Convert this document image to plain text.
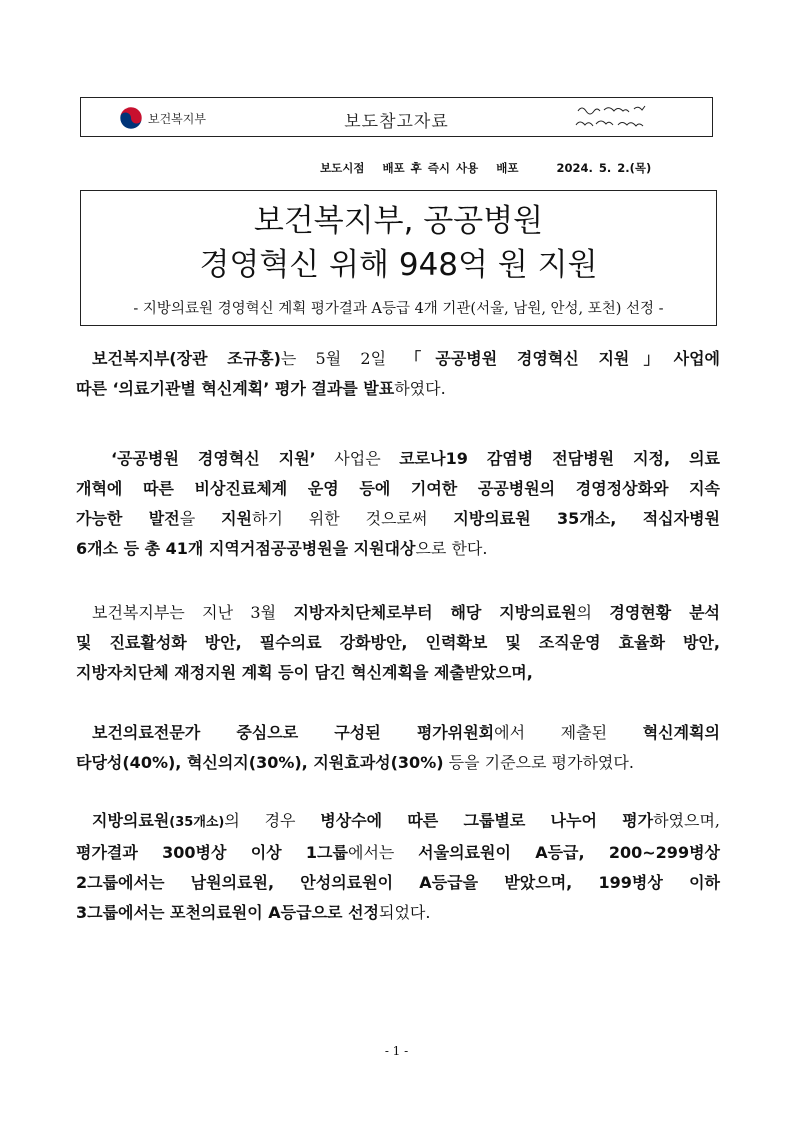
보건복지부	보도참고자료
보도시점 배포 후 즉시 사용 배포	2024. 5. 2.(목)
보건복지부, 공공병원
경영혁신 위해 948억 원 지원
- 지방의료원 경영혁신 계획 평가결과 A등급 4개 기관(서울, 남원, 안성, 포천) 선정 -

 보건복지부(장관 조규홍)는 5월 2일 「공공병원 경영혁신 지원」사업에

따른 ‘의료기관별 혁신계획’ 평가 결과를 발표하였다.

  ‘공공병원 경영혁신 지원’ 사업은 코로나19 감염병 전담병원 지정, 의료

개혁에 따른 비상진료체계 운영 등에 기여한 공공병원의 경영정상화와 지속

가능한 발전을 지원하기 위한 것으로써 지방의료원 35개소, 적십자병원

6개소 등 총 41개 지역거점공공병원을 지원대상으로 한다.

 보건복지부는 지난 3월 지방자치단체로부터 해당 지방의료원의 경영현황 분석

및 진료활성화 방안, 필수의료 강화방안, 인력확보 및 조직운영 효율화 방안,

지방자치단체 재정지원 계획 등이 담긴 혁신계획을 제출받았으며,

 보건의료전문가 중심으로 구성된 평가위원회에서 제출된 혁신계획의

타당성(40%), 혁신의지(30%), 지원효과성(30%) 등을 기준으로 평가하였다.

 지방의료원(35개소)의 경우 병상수에 따른 그룹별로 나누어 평가하였으며,

평가결과 300병상 이상 1그룹에서는 서울의료원이 A등급, 200~299병상

2그룹에서는 남원의료원, 안성의료원이 A등급을 받았으며, 199병상 이하

3그룹에서는 포천의료원이 A등급으로 선정되었다.

- 1 -
